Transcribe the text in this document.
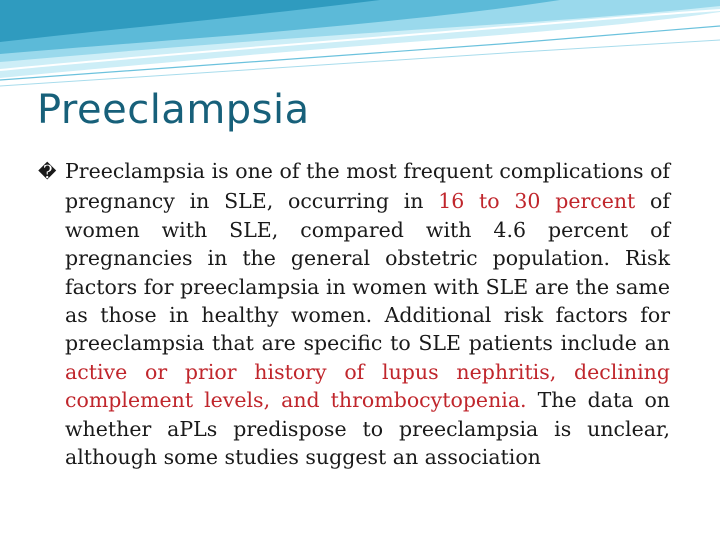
Preeclampsia

� Preeclampsia is one of the most frequent complications of pregnancy in SLE, occurring in 16 to 30 percent of women with SLE, compared with 4.6 percent of pregnancies in the general obstetric population. Risk factors for preeclampsia in women with SLE are the same as those in healthy women. Additional risk factors for preeclampsia that are specific to SLE patients include an active or prior history of lupus nephritis, declining complement levels, and thrombocytopenia. The data on whether aPLs predispose to preeclampsia is unclear, although some studies suggest an association
